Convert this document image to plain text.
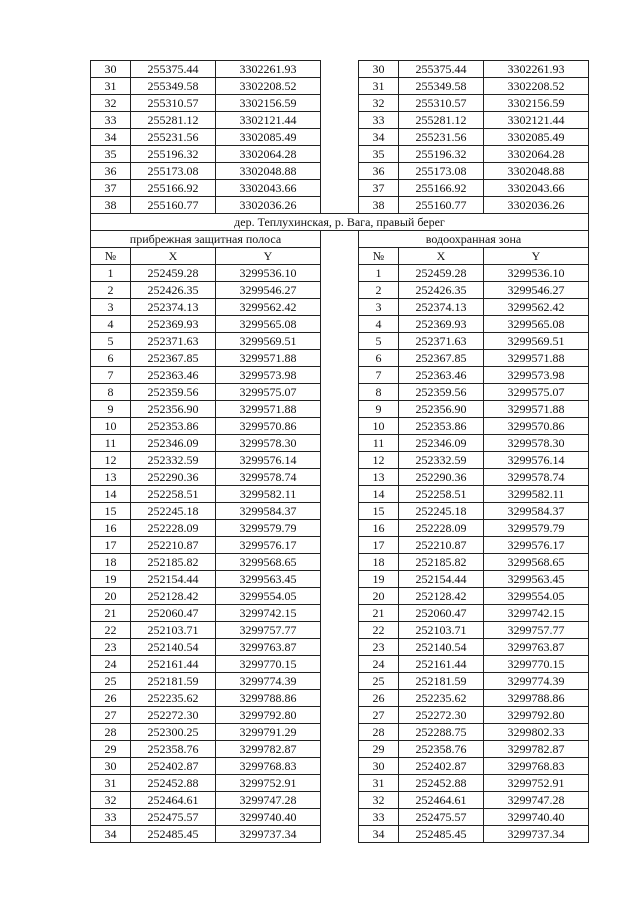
30	255375.44	3302261.93		30	255375.44	3302261.93
31	255349.58	3302208.52		31	255349.58	3302208.52
32	255310.57	3302156.59		32	255310.57	3302156.59
33	255281.12	3302121.44		33	255281.12	3302121.44
34	255231.56	3302085.49		34	255231.56	3302085.49
35	255196.32	3302064.28		35	255196.32	3302064.28
36	255173.08	3302048.88		36	255173.08	3302048.88
37	255166.92	3302043.66		37	255166.92	3302043.66
38	255160.77	3302036.26		38	255160.77	3302036.26
дер. Теплухинская, р. Вага, правый берег						
прибрежная защитная полоса				водоохранная зона		
№	X	Y		№	X	Y
1	252459.28	3299536.10		1	252459.28	3299536.10
2	252426.35	3299546.27		2	252426.35	3299546.27
3	252374.13	3299562.42		3	252374.13	3299562.42
4	252369.93	3299565.08		4	252369.93	3299565.08
5	252371.63	3299569.51		5	252371.63	3299569.51
6	252367.85	3299571.88		6	252367.85	3299571.88
7	252363.46	3299573.98		7	252363.46	3299573.98
8	252359.56	3299575.07		8	252359.56	3299575.07
9	252356.90	3299571.88		9	252356.90	3299571.88
10	252353.86	3299570.86		10	252353.86	3299570.86
11	252346.09	3299578.30		11	252346.09	3299578.30
12	252332.59	3299576.14		12	252332.59	3299576.14
13	252290.36	3299578.74		13	252290.36	3299578.74
14	252258.51	3299582.11		14	252258.51	3299582.11
15	252245.18	3299584.37		15	252245.18	3299584.37
16	252228.09	3299579.79		16	252228.09	3299579.79
17	252210.87	3299576.17		17	252210.87	3299576.17
18	252185.82	3299568.65		18	252185.82	3299568.65
19	252154.44	3299563.45		19	252154.44	3299563.45
20	252128.42	3299554.05		20	252128.42	3299554.05
21	252060.47	3299742.15		21	252060.47	3299742.15
22	252103.71	3299757.77		22	252103.71	3299757.77
23	252140.54	3299763.87		23	252140.54	3299763.87
24	252161.44	3299770.15		24	252161.44	3299770.15
25	252181.59	3299774.39		25	252181.59	3299774.39
26	252235.62	3299788.86		26	252235.62	3299788.86
27	252272.30	3299792.80		27	252272.30	3299792.80
28	252300.25	3299791.29		28	252288.75	3299802.33
29	252358.76	3299782.87		29	252358.76	3299782.87
30	252402.87	3299768.83		30	252402.87	3299768.83
31	252452.88	3299752.91		31	252452.88	3299752.91
32	252464.61	3299747.28		32	252464.61	3299747.28
33	252475.57	3299740.40		33	252475.57	3299740.40
34	252485.45	3299737.34		34	252485.45	3299737.34
